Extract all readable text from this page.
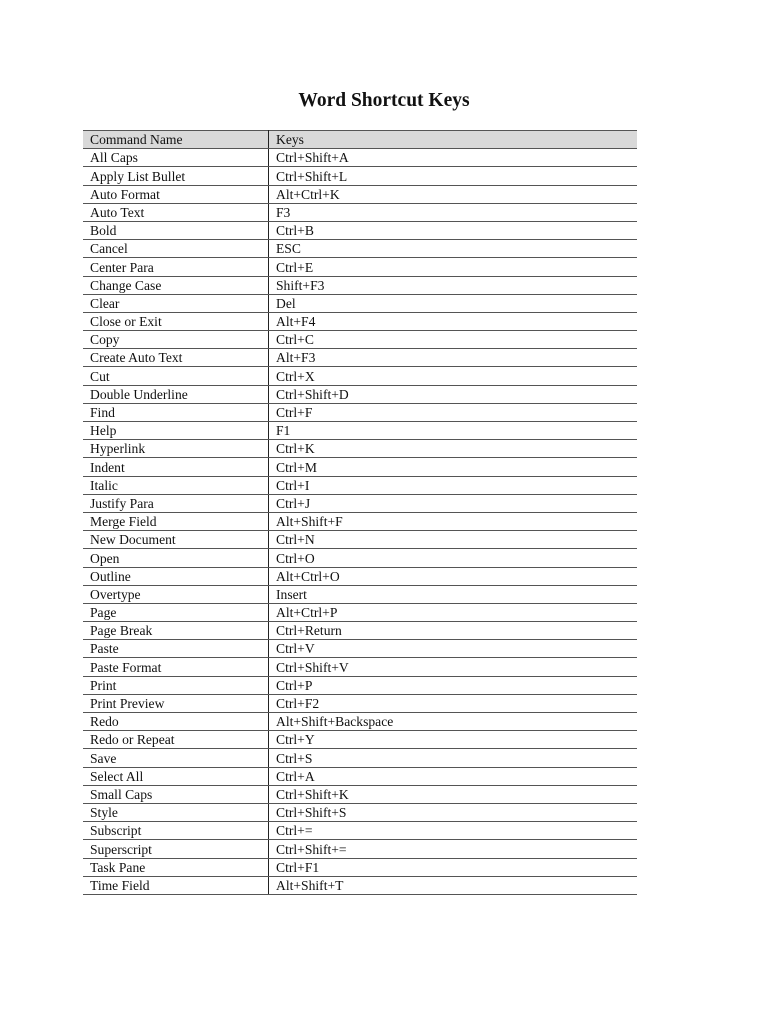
Word Shortcut Keys
Command Name	Keys
All Caps	Ctrl+Shift+A
Apply List Bullet	Ctrl+Shift+L
Auto Format	Alt+Ctrl+K
Auto Text	F3
Bold	Ctrl+B
Cancel	ESC
Center Para	Ctrl+E
Change Case	Shift+F3
Clear	Del
Close or Exit	Alt+F4
Copy	Ctrl+C
Create Auto Text	Alt+F3
Cut	Ctrl+X
Double Underline	Ctrl+Shift+D
Find	Ctrl+F
Help	F1
Hyperlink	Ctrl+K
Indent	Ctrl+M
Italic	Ctrl+I
Justify Para	Ctrl+J
Merge Field	Alt+Shift+F
New Document	Ctrl+N
Open	Ctrl+O
Outline	Alt+Ctrl+O
Overtype	Insert
Page	Alt+Ctrl+P
Page Break	Ctrl+Return
Paste	Ctrl+V
Paste Format	Ctrl+Shift+V
Print	Ctrl+P
Print Preview	Ctrl+F2
Redo	Alt+Shift+Backspace
Redo or Repeat	Ctrl+Y
Save	Ctrl+S
Select All	Ctrl+A
Small Caps	Ctrl+Shift+K
Style	Ctrl+Shift+S
Subscript	Ctrl+=
Superscript	Ctrl+Shift+=
Task Pane	Ctrl+F1
Time Field	Alt+Shift+T
